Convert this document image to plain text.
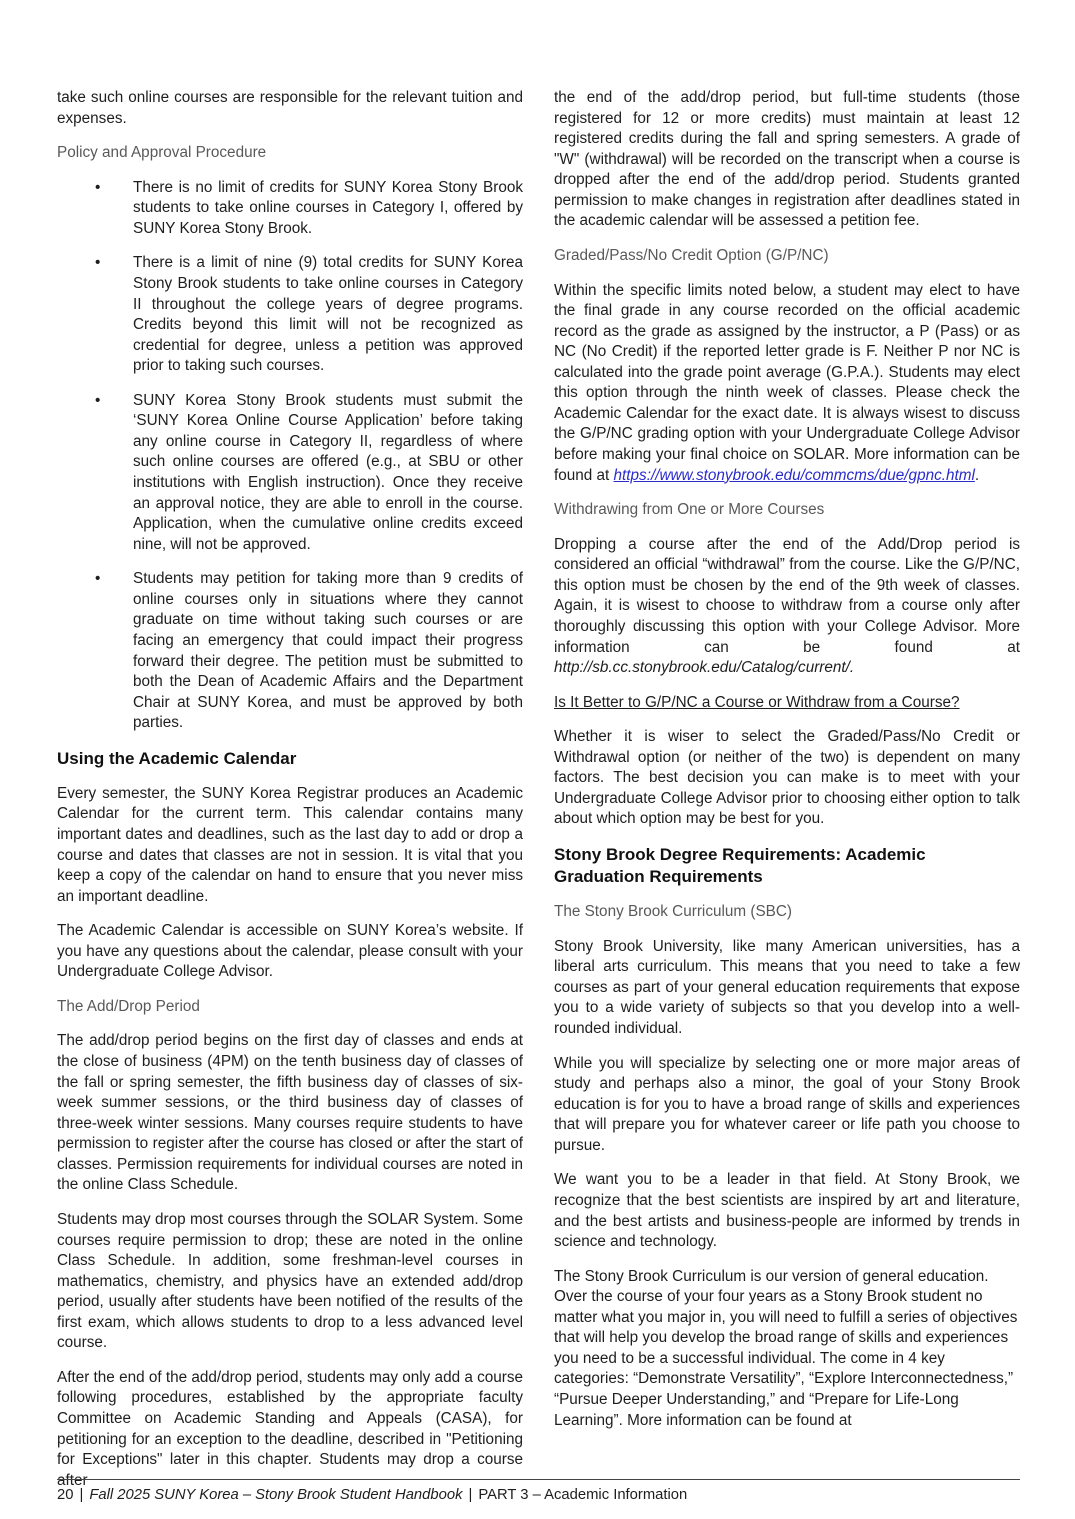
take such online courses are responsible for the relevant tuition and expenses.

Policy and Approval Procedure

•	There is no limit of credits for SUNY Korea Stony Brook students to take online courses in Category I, offered by SUNY Korea Stony Brook.
•	There is a limit of nine (9) total credits for SUNY Korea Stony Brook students to take online courses in Category II throughout the college years of degree programs. Credits beyond this limit will not be recognized as credential for degree, unless a petition was approved prior to taking such courses.
•	SUNY Korea Stony Brook students must submit the ‘SUNY Korea Online Course Application’ before taking any online course in Category II, regardless of where such online courses are offered (e.g., at SBU or other institutions with English instruction). Once they receive an approval notice, they are able to enroll in the course. Application, when the cumulative online credits exceed nine, will not be approved.
•	Students may petition for taking more than 9 credits of online courses only in situations where they cannot graduate on time without taking such courses or are facing an emergency that could impact their progress forward their degree. The petition must be submitted to both the Dean of Academic Affairs and the Department Chair at SUNY Korea, and must be approved by both parties.

Using the Academic Calendar

Every semester, the SUNY Korea Registrar produces an Academic Calendar for the current term. This calendar contains many important dates and deadlines, such as the last day to add or drop a course and dates that classes are not in session. It is vital that you keep a copy of the calendar on hand to ensure that you never miss an important deadline.

The Academic Calendar is accessible on SUNY Korea’s website. If you have any questions about the calendar, please consult with your Undergraduate College Advisor.

The Add/Drop Period

The add/drop period begins on the first day of classes and ends at the close of business (4PM) on the tenth business day of classes of the fall or spring semester, the fifth business day of classes of six-week summer sessions, or the third business day of classes of three-week winter sessions. Many courses require students to have permission to register after the course has closed or after the start of classes. Permission requirements for individual courses are noted in the online Class Schedule.

Students may drop most courses through the SOLAR System. Some courses require permission to drop; these are noted in the online Class Schedule. In addition, some freshman-level courses in mathematics, chemistry, and physics have an extended add/drop period, usually after students have been notified of the results of the first exam, which allows students to drop to a less advanced level course.

After the end of the add/drop period, students may only add a course following procedures, established by the appropriate faculty Committee on Academic Standing and Appeals (CASA), for petitioning for an exception to the deadline, described in "Petitioning for Exceptions" later in this chapter. Students may drop a course after

the end of the add/drop period, but full-time students (those registered for 12 or more credits) must maintain at least 12 registered credits during the fall and spring semesters. A grade of "W" (withdrawal) will be recorded on the transcript when a course is dropped after the end of the add/drop period. Students granted permission to make changes in registration after deadlines stated in the academic calendar will be assessed a petition fee.

Graded/Pass/No Credit Option (G/P/NC)

Within the specific limits noted below, a student may elect to have the final grade in any course recorded on the official academic record as the grade as assigned by the instructor, a P (Pass) or as NC (No Credit) if the reported letter grade is F. Neither P nor NC is calculated into the grade point average (G.P.A.). Students may elect this option through the ninth week of classes. Please check the Academic Calendar for the exact date. It is always wisest to discuss the G/P/NC grading option with your Undergraduate College Advisor before making your final choice on SOLAR. More information can be found at https://www.stonybrook.edu/commcms/due/gpnc.html.

Withdrawing from One or More Courses

Dropping a course after the end of the Add/Drop period is considered an official “withdrawal” from the course. Like the G/P/NC, this option must be chosen by the end of the 9th week of classes. Again, it is wisest to choose to withdraw from a course only after thoroughly discussing this option with your College Advisor. More information can be found at http://sb.cc.stonybrook.edu/Catalog/current/.

Is It Better to G/P/NC a Course or Withdraw from a Course?

Whether it is wiser to select the Graded/Pass/No Credit or Withdrawal option (or neither of the two) is dependent on many factors. The best decision you can make is to meet with your Undergraduate College Advisor prior to choosing either option to talk about which option may be best for you.

Stony Brook Degree Requirements: Academic Graduation Requirements

The Stony Brook Curriculum (SBC)

Stony Brook University, like many American universities, has a liberal arts curriculum. This means that you need to take a few courses as part of your general education requirements that expose you to a wide variety of subjects so that you develop into a well-rounded individual.

While you will specialize by selecting one or more major areas of study and perhaps also a minor, the goal of your Stony Brook education is for you to have a broad range of skills and experiences that will prepare you for whatever career or life path you choose to pursue.

We want you to be a leader in that field. At Stony Brook, we recognize that the best scientists are inspired by art and literature, and the best artists and business-people are informed by trends in science and technology.

The Stony Brook Curriculum is our version of general education. Over the course of your four years as a Stony Brook student no matter what you major in, you will need to fulfill a series of objectives that will help you develop the broad range of skills and experiences you need to be a successful individual. The come in 4 key categories: “Demonstrate Versatility”, “Explore Interconnectedness,” “Pursue Deeper Understanding,” and “Prepare for Life-Long Learning”. More information can be found at

20 | Fall 2025 SUNY Korea – Stony Brook Student Handbook | PART 3 – Academic Information
